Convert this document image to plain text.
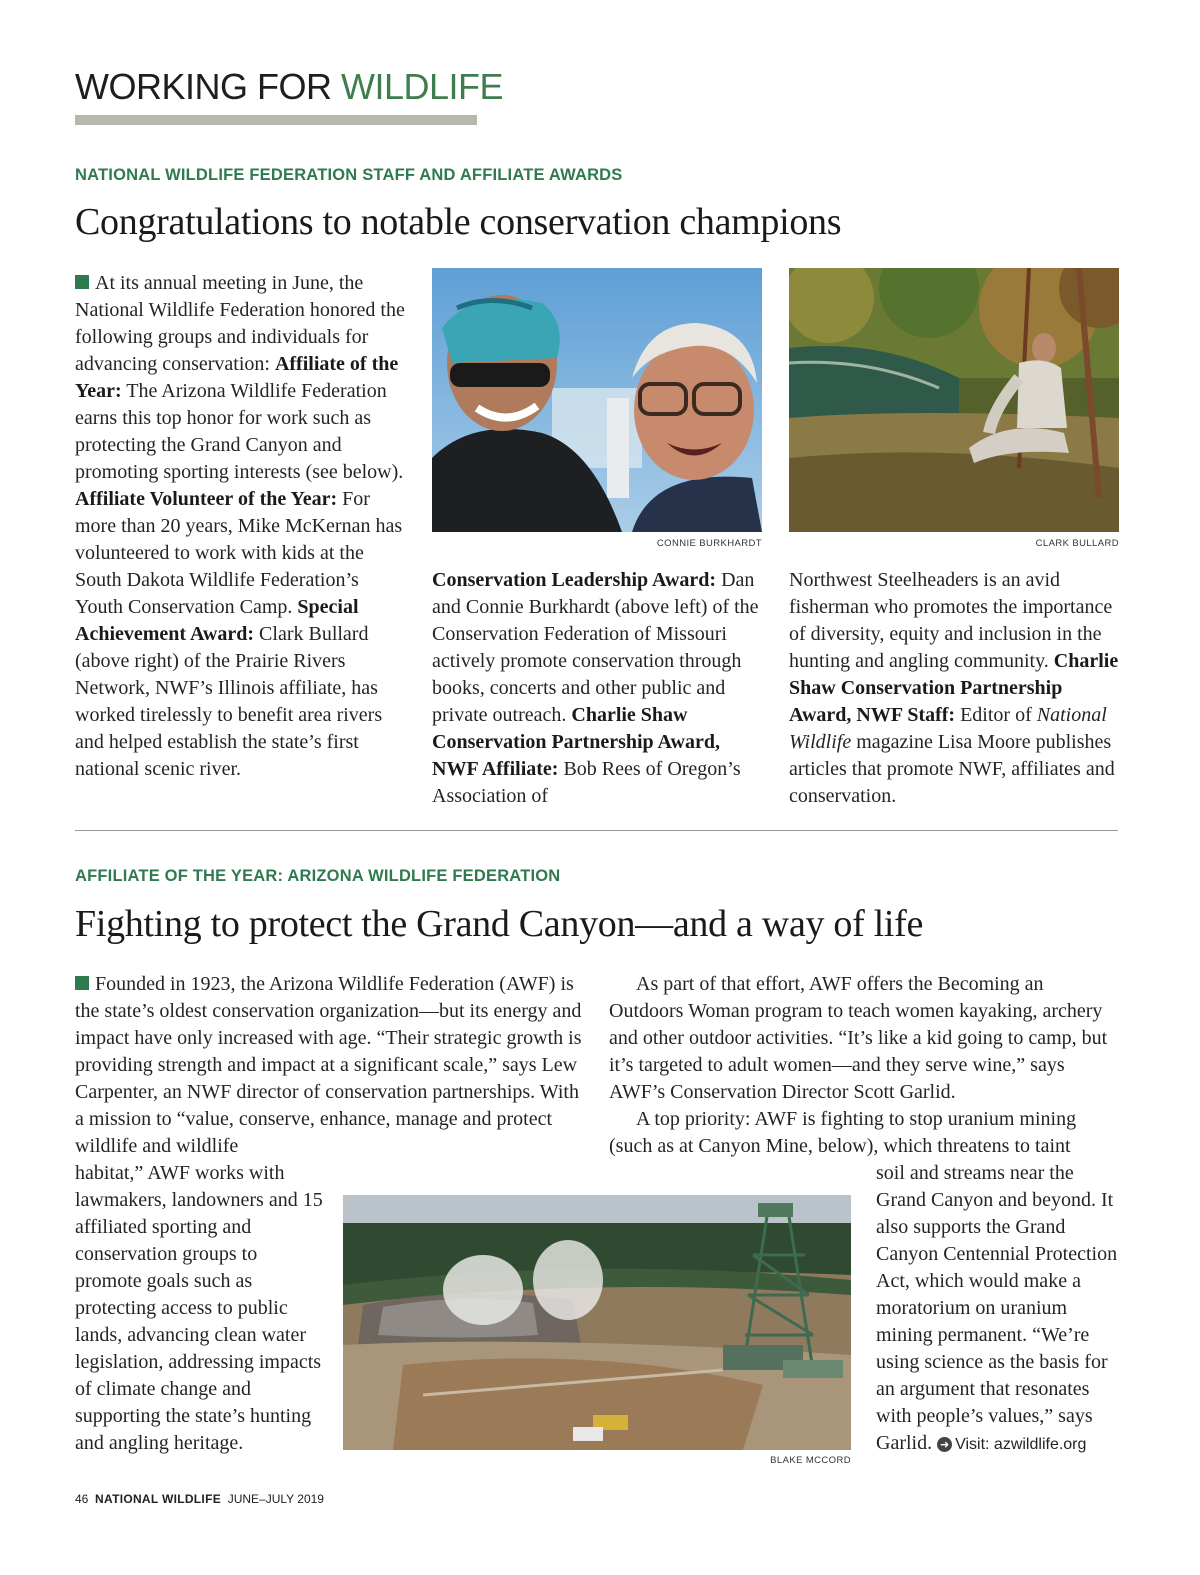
WORKING FOR WILDLIFE
NATIONAL WILDLIFE FEDERATION STAFF AND AFFILIATE AWARDS
Congratulations to notable conservation champions

At its annual meeting in June, the National Wildlife Federation honored the following groups and individuals for advancing conservation: Affiliate of the Year: The Arizona Wildlife Federation earns this top honor for work such as protecting the Grand Canyon and promoting sporting interests (see below). Affiliate Volunteer of the Year: For more than 20 years, Mike McKernan has volunteered to work with kids at the South Dakota Wildlife Federation’s Youth Conservation Camp. Special Achievement Award: Clark Bullard (above right) of the Prairie Rivers Network, NWF’s Illinois affiliate, has worked tirelessly to benefit area rivers and helped establish the state’s first national scenic river.

CONNIE BURKHARDT	CLARK BULLARD

Conservation Leadership Award: Dan and Connie Burkhardt (above left) of the Conservation Federation of Missouri actively promote conservation through books, concerts and other public and private outreach. Charlie Shaw Conservation Partnership Award, NWF Affiliate: Bob Rees of Oregon’s Association of

Northwest Steelheaders is an avid fisherman who promotes the importance of diversity, equity and inclusion in the hunting and angling community. Charlie Shaw Conservation Partnership Award, NWF Staff: Editor of National Wildlife magazine Lisa Moore publishes articles that promote NWF, affiliates and conservation.

AFFILIATE OF THE YEAR: ARIZONA WILDLIFE FEDERATION
Fighting to protect the Grand Canyon—and a way of life

Founded in 1923, the Arizona Wildlife Federation (AWF) is the state’s oldest conservation organization—but its energy and impact have only increased with age. “Their strategic growth is providing strength and impact at a significant scale,” says Lew Carpenter, an NWF director of conservation partnerships. With a mission to “value, conserve, enhance, manage and protect wildlife and wildlife

habitat,” AWF works with lawmakers, landowners and 15 affiliated sporting and conservation groups to promote goals such as protecting access to public lands, advancing clean water legislation, addressing impacts of climate change and supporting the state’s hunting and angling heritage.

As part of that effort, AWF offers the Becoming an Outdoors Woman program to teach women kayaking, archery and other outdoor activities. “It’s like a kid going to camp, but it’s targeted to adult women—and they serve wine,” says AWF’s Conservation Director Scott Garlid.

A top priority: AWF is fighting to stop uranium mining (such as at Canyon Mine, below), which threatens to taint

soil and streams near the Grand Canyon and beyond. It also supports the Grand Canyon Centennial Protection Act, which would make a moratorium on uranium mining permanent. “We’re using science as the basis for an argument that resonates with people’s values,” says Garlid. ➜ Visit: azwildlife.org

BLAKE MCCORD
46 NATIONAL WILDLIFE JUNE–JULY 2019
